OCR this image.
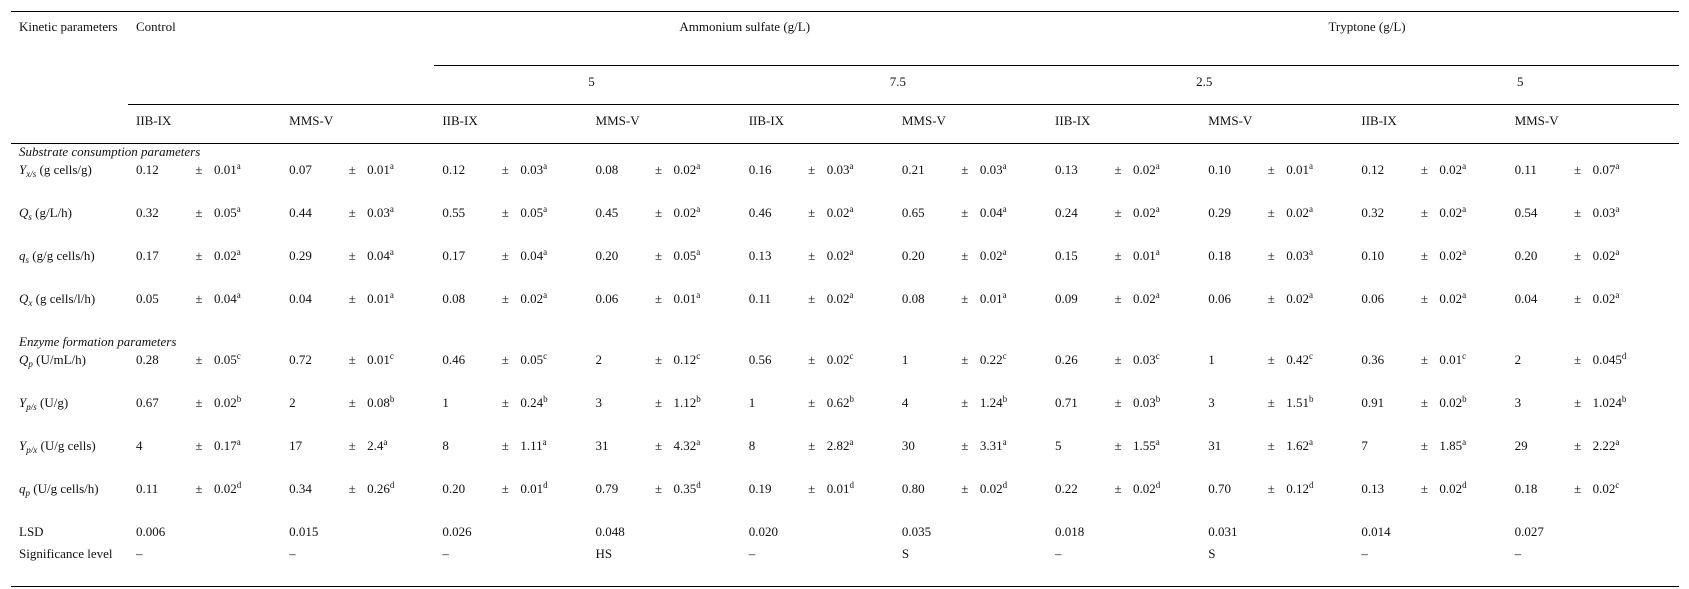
Kinetic parameters	Control		Ammonium sulfate (g/L)				Tryptone (g/L)			
			5		7.5		2.5		5	
	IIB-IX	MMS-V	IIB-IX	MMS-V	IIB-IX	MMS-V	IIB-IX	MMS-V	IIB-IX	MMS-V
Substrate consumption parameters										
$Y_{x/s}$ (g cells/g)	0.12 ± 0.01$^a$	0.07 ± 0.01$^a$	0.12 ± 0.03$^a$	0.08 ± 0.02$^a$	0.16 ± 0.03$^a$	0.21 ± 0.03$^a$	0.13 ± 0.02$^a$	0.10 ± 0.01$^a$	0.12 ± 0.02$^a$	0.11 ± 0.07$^a$
$Q_s$ (g/L/h)	0.32 ± 0.05$^a$	0.44 ± 0.03$^a$	0.55 ± 0.05$^a$	0.45 ± 0.02$^a$	0.46 ± 0.02$^a$	0.65 ± 0.04$^a$	0.24 ± 0.02$^a$	0.29 ± 0.02$^a$	0.32 ± 0.02$^a$	0.54 ± 0.03$^a$
$q_s$ (g/g cells/h)	0.17 ± 0.02$^a$	0.29 ± 0.04$^a$	0.17 ± 0.04$^a$	0.20 ± 0.05$^a$	0.13 ± 0.02$^a$	0.20 ± 0.02$^a$	0.15 ± 0.01$^a$	0.18 ± 0.03$^a$	0.10 ± 0.02$^a$	0.20 ± 0.02$^a$
$Q_x$ (g cells/l/h)	0.05 ± 0.04$^a$	0.04 ± 0.01$^a$	0.08 ± 0.02$^a$	0.06 ± 0.01$^a$	0.11 ± 0.02$^a$	0.08 ± 0.01$^a$	0.09 ± 0.02$^a$	0.06 ± 0.02$^a$	0.06 ± 0.02$^a$	0.04 ± 0.02$^a$
Enzyme formation parameters										
$Q_p$ (U/mL/h)	0.28 ± 0.05$^c$	0.72 ± 0.01$^c$	0.46 ± 0.05$^c$	2 ± 0.12$^c$	0.56 ± 0.02$^c$	1 ± 0.22$^c$	0.26 ± 0.03$^c$	1 ± 0.42$^c$	0.36 ± 0.01$^c$	2 ± 0.045$^d$
$Y_{p/s}$ (U/g)	0.67 ± 0.02$^b$	2 ± 0.08$^b$	1 ± 0.24$^b$	3 ± 1.12$^b$	1 ± 0.62$^b$	4 ± 1.24$^b$	0.71 ± 0.03$^b$	3 ± 1.51$^b$	0.91 ± 0.02$^b$	3 ± 1.024$^b$
$Y_{p/x}$ (U/g cells)	4 ± 0.17$^a$	17 ± 2.4$^a$	8 ± 1.11$^a$	31 ± 4.32$^a$	8 ± 2.82$^a$	30 ± 3.31$^a$	5 ± 1.55$^a$	31 ± 1.62$^a$	7 ± 1.85$^a$	29 ± 2.22$^a$
$q_p$ (U/g cells/h)	0.11 ± 0.02$^d$	0.34 ± 0.26$^d$	0.20 ± 0.01$^d$	0.79 ± 0.35$^d$	0.19 ± 0.01$^d$	0.80 ± 0.02$^d$	0.22 ± 0.02$^d$	0.70 ± 0.12$^d$	0.13 ± 0.02$^d$	0.18 ± 0.02$^c$
LSD	0.006	0.015	0.026	0.048	0.020	0.035	0.018	0.031	0.014	0.027
Significance level	–	–	–	HS	–	S	–	S	–	–
